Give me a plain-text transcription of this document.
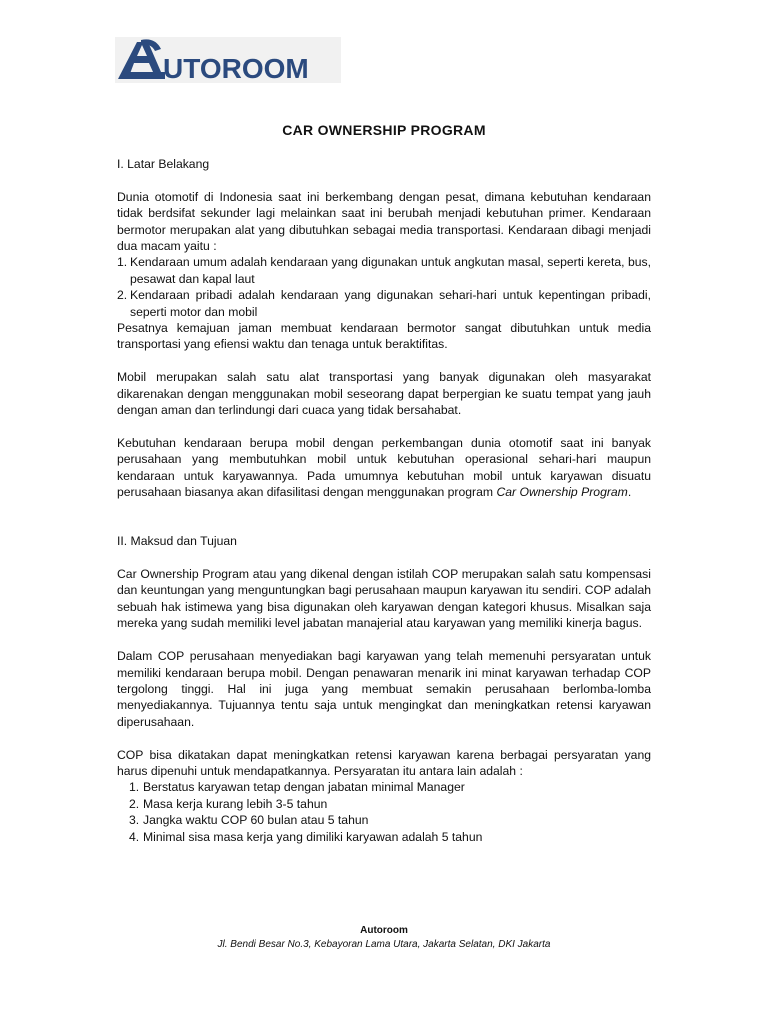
UTOROOM
CAR OWNERSHIP PROGRAM
I. Latar Belakang

Dunia otomotif di Indonesia saat ini berkembang dengan pesat, dimana kebutuhan kendaraan tidak berdsifat sekunder lagi melainkan saat ini berubah menjadi kebutuhan primer. Kendaraan bermotor merupakan alat yang dibutuhkan sebagai media transportasi. Kendaraan dibagi menjadi dua macam yaitu :

1. Kendaraan umum adalah kendaraan yang digunakan untuk angkutan masal, seperti kereta, bus, pesawat dan kapal laut
2. Kendaraan pribadi adalah kendaraan yang digunakan sehari-hari untuk kepentingan pribadi, seperti motor dan mobil

Pesatnya kemajuan jaman membuat kendaraan bermotor sangat dibutuhkan untuk media transportasi yang efiensi waktu dan tenaga untuk beraktifitas.

Mobil merupakan salah satu alat transportasi yang banyak digunakan oleh masyarakat dikarenakan dengan menggunakan mobil seseorang dapat berpergian ke suatu tempat yang jauh dengan aman dan terlindungi dari cuaca yang tidak bersahabat.

Kebutuhan kendaraan berupa mobil dengan perkembangan dunia otomotif saat ini banyak perusahaan yang membutuhkan mobil untuk kebutuhan operasional sehari-hari maupun kendaraan untuk karyawannya. Pada umumnya kebutuhan mobil untuk karyawan disuatu perusahaan biasanya akan difasilitasi dengan menggunakan program Car Ownership Program.

II. Maksud dan Tujuan

Car Ownership Program atau yang dikenal dengan istilah COP merupakan salah satu kompensasi dan keuntungan yang menguntungkan bagi perusahaan maupun karyawan itu sendiri. COP adalah sebuah hak istimewa yang bisa digunakan oleh karyawan dengan kategori khusus. Misalkan saja mereka yang sudah memiliki level jabatan manajerial atau karyawan yang memiliki kinerja bagus.

Dalam COP perusahaan menyediakan bagi karyawan yang telah memenuhi persyaratan untuk memiliki kendaraan berupa mobil. Dengan penawaran menarik ini minat karyawan terhadap COP tergolong tinggi. Hal ini juga yang membuat semakin perusahaan berlomba-lomba menyediakannya. Tujuannya tentu saja untuk mengingkat dan meningkatkan retensi karyawan diperusahaan.

COP bisa dikatakan dapat meningkatkan retensi karyawan karena berbagai persyaratan yang harus dipenuhi untuk mendapatkannya. Persyaratan itu antara lain adalah :

1. Berstatus karyawan tetap dengan jabatan minimal Manager
2. Masa kerja kurang lebih 3-5 tahun
3. Jangka waktu COP 60 bulan atau 5 tahun
4. Minimal sisa masa kerja yang dimiliki karyawan adalah 5 tahun
Autoroom
Jl. Bendi Besar No.3, Kebayoran Lama Utara, Jakarta Selatan, DKI Jakarta
